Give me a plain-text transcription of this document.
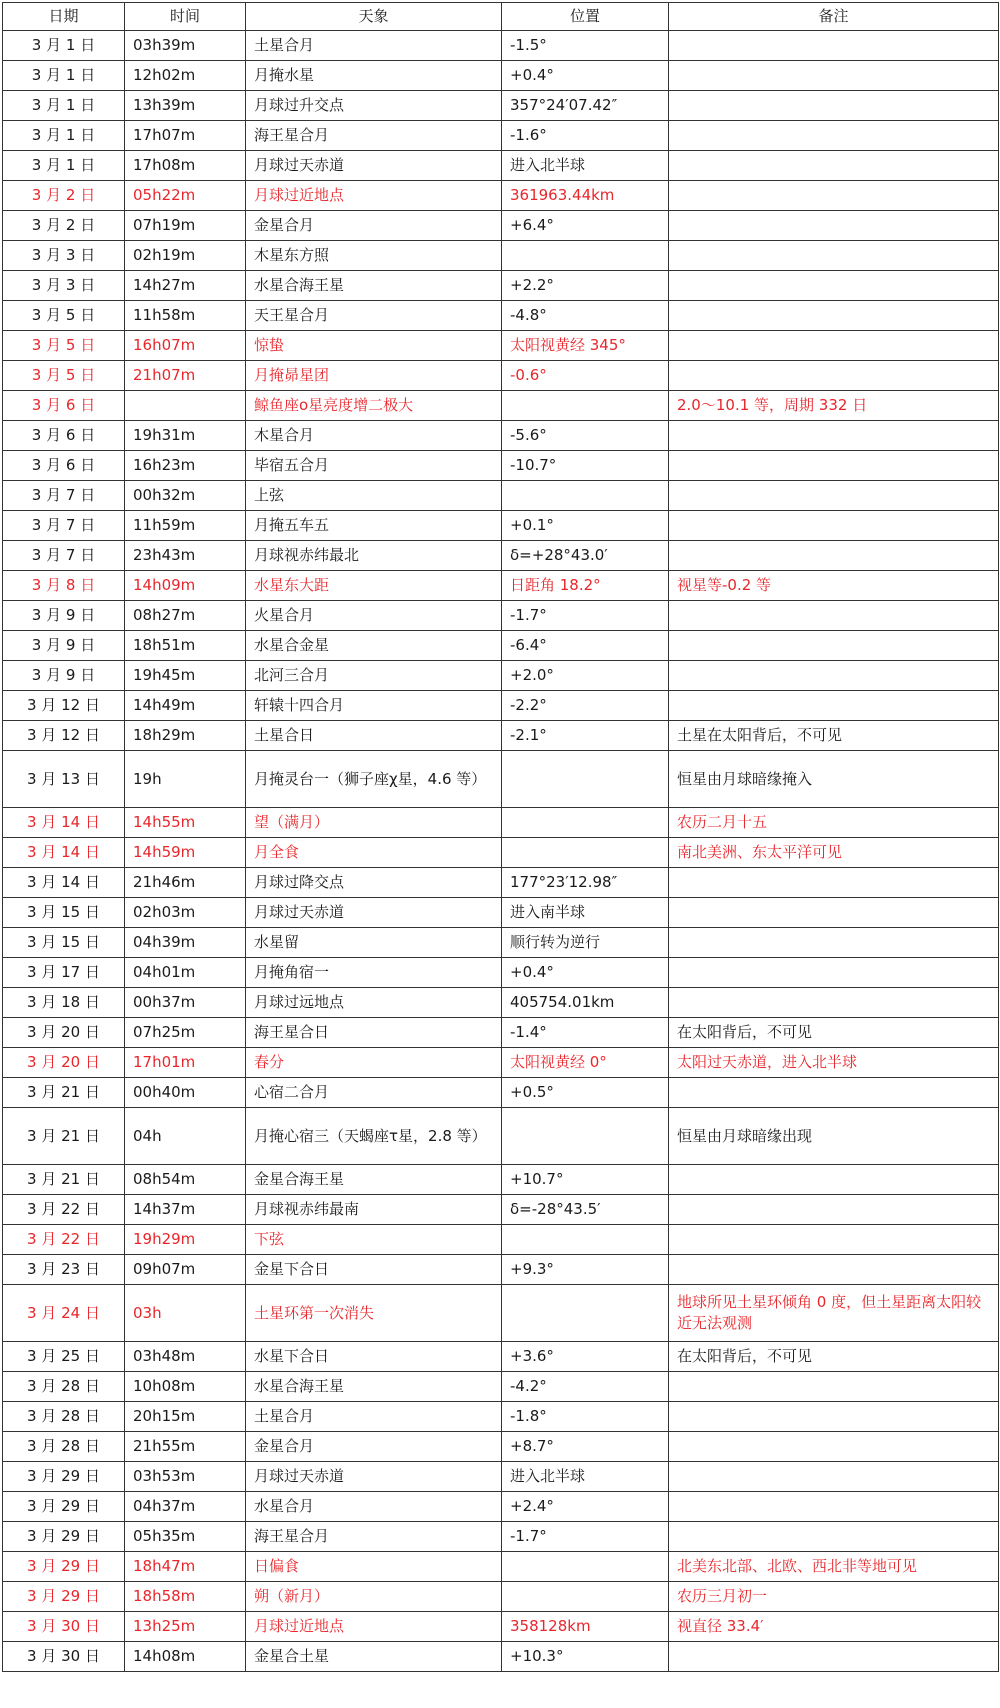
日期	时间	天象	位置	备注
3 月 1 日	03h39m	土星合月	-1.5°	
3 月 1 日	12h02m	月掩水星	+0.4°	
3 月 1 日	13h39m	月球过升交点	357°24′07.42″	
3 月 1 日	17h07m	海王星合月	-1.6°	
3 月 1 日	17h08m	月球过天赤道	进入北半球	
3 月 2 日	05h22m	月球过近地点	361963.44km	
3 月 2 日	07h19m	金星合月	+6.4°	
3 月 3 日	02h19m	木星东方照		
3 月 3 日	14h27m	水星合海王星	+2.2°	
3 月 5 日	11h58m	天王星合月	-4.8°	
3 月 5 日	16h07m	惊蛰	太阳视黄经 345°	
3 月 5 日	21h07m	月掩昴星团	-0.6°	
3 月 6 日		鲸鱼座o星亮度增二极大		2.0～10.1 等，周期 332 日
3 月 6 日	19h31m	木星合月	-5.6°	
3 月 6 日	16h23m	毕宿五合月	-10.7°	
3 月 7 日	00h32m	上弦		
3 月 7 日	11h59m	月掩五车五	+0.1°	
3 月 7 日	23h43m	月球视赤纬最北	δ=+28°43.0′	
3 月 8 日	14h09m	水星东大距	日距角 18.2°	视星等-0.2 等
3 月 9 日	08h27m	火星合月	-1.7°	
3 月 9 日	18h51m	水星合金星	-6.4°	
3 月 9 日	19h45m	北河三合月	+2.0°	
3 月 12 日	14h49m	轩辕十四合月	-2.2°	
3 月 12 日	18h29m	土星合日	-2.1°	土星在太阳背后，不可见
3 月 13 日	19h	月掩灵台一（狮子座χ星，4.6 等）		恒星由月球暗缘掩入
3 月 14 日	14h55m	望（满月）		农历二月十五
3 月 14 日	14h59m	月全食		南北美洲、东太平洋可见
3 月 14 日	21h46m	月球过降交点	177°23′12.98″	
3 月 15 日	02h03m	月球过天赤道	进入南半球	
3 月 15 日	04h39m	水星留	顺行转为逆行	
3 月 17 日	04h01m	月掩角宿一	+0.4°	
3 月 18 日	00h37m	月球过远地点	405754.01km	
3 月 20 日	07h25m	海王星合日	-1.4°	在太阳背后，不可见
3 月 20 日	17h01m	春分	太阳视黄经 0°	太阳过天赤道，进入北半球
3 月 21 日	00h40m	心宿二合月	+0.5°	
3 月 21 日	04h	月掩心宿三（天蝎座τ星，2.8 等）		恒星由月球暗缘出现
3 月 21 日	08h54m	金星合海王星	+10.7°	
3 月 22 日	14h37m	月球视赤纬最南	δ=-28°43.5′	
3 月 22 日	19h29m	下弦		
3 月 23 日	09h07m	金星下合日	+9.3°	
3 月 24 日	03h	土星环第一次消失		地球所见土星环倾角 0 度，但土星距离太阳较近无法观测
3 月 25 日	03h48m	水星下合日	+3.6°	在太阳背后，不可见
3 月 28 日	10h08m	水星合海王星	-4.2°	
3 月 28 日	20h15m	土星合月	-1.8°	
3 月 28 日	21h55m	金星合月	+8.7°	
3 月 29 日	03h53m	月球过天赤道	进入北半球	
3 月 29 日	04h37m	水星合月	+2.4°	
3 月 29 日	05h35m	海王星合月	-1.7°	
3 月 29 日	18h47m	日偏食		北美东北部、北欧、西北非等地可见
3 月 29 日	18h58m	朔（新月）		农历三月初一
3 月 30 日	13h25m	月球过近地点	358128km	视直径 33.4′
3 月 30 日	14h08m	金星合土星	+10.3°	
